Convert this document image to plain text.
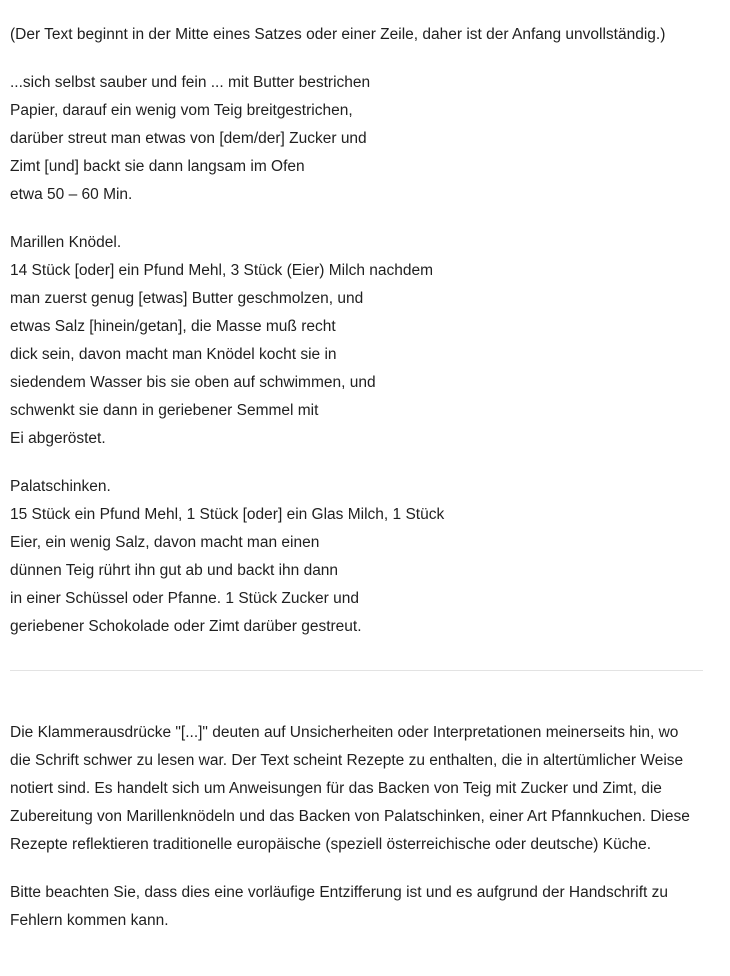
(Der Text beginnt in der Mitte eines Satzes oder einer Zeile, daher ist der Anfang unvollständig.)

...sich selbst sauber und fein ... mit Butter bestrichen
Papier, darauf ein wenig vom Teig breitgestrichen,
darüber streut man etwas von [dem/der] Zucker und
Zimt [und] backt sie dann langsam im Ofen
etwa 50 – 60 Min.

Marillen Knödel.
14 Stück [oder] ein Pfund Mehl, 3 Stück (Eier) Milch nachdem
man zuerst genug [etwas] Butter geschmolzen, und
etwas Salz [hinein/getan], die Masse muß recht
dick sein, davon macht man Knödel kocht sie in
siedendem Wasser bis sie oben auf schwimmen, und
schwenkt sie dann in geriebener Semmel mit
Ei abgeröstet.

Palatschinken.
15 Stück ein Pfund Mehl, 1 Stück [oder] ein Glas Milch, 1 Stück
Eier, ein wenig Salz, davon macht man einen
dünnen Teig rührt ihn gut ab und backt ihn dann
in einer Schüssel oder Pfanne. 1 Stück Zucker und
geriebener Schokolade oder Zimt darüber gestreut.

Die Klammerausdrücke "[...]" deuten auf Unsicherheiten oder Interpretationen meinerseits hin, wo die Schrift schwer zu lesen war. Der Text scheint Rezepte zu enthalten, die in altertümlicher Weise notiert sind. Es handelt sich um Anweisungen für das Backen von Teig mit Zucker und Zimt, die Zubereitung von Marillenknödeln und das Backen von Palatschinken, einer Art Pfannkuchen. Diese Rezepte reflektieren traditionelle europäische (speziell österreichische oder deutsche) Küche.

Bitte beachten Sie, dass dies eine vorläufige Entzifferung ist und es aufgrund der Handschrift zu Fehlern kommen kann.
